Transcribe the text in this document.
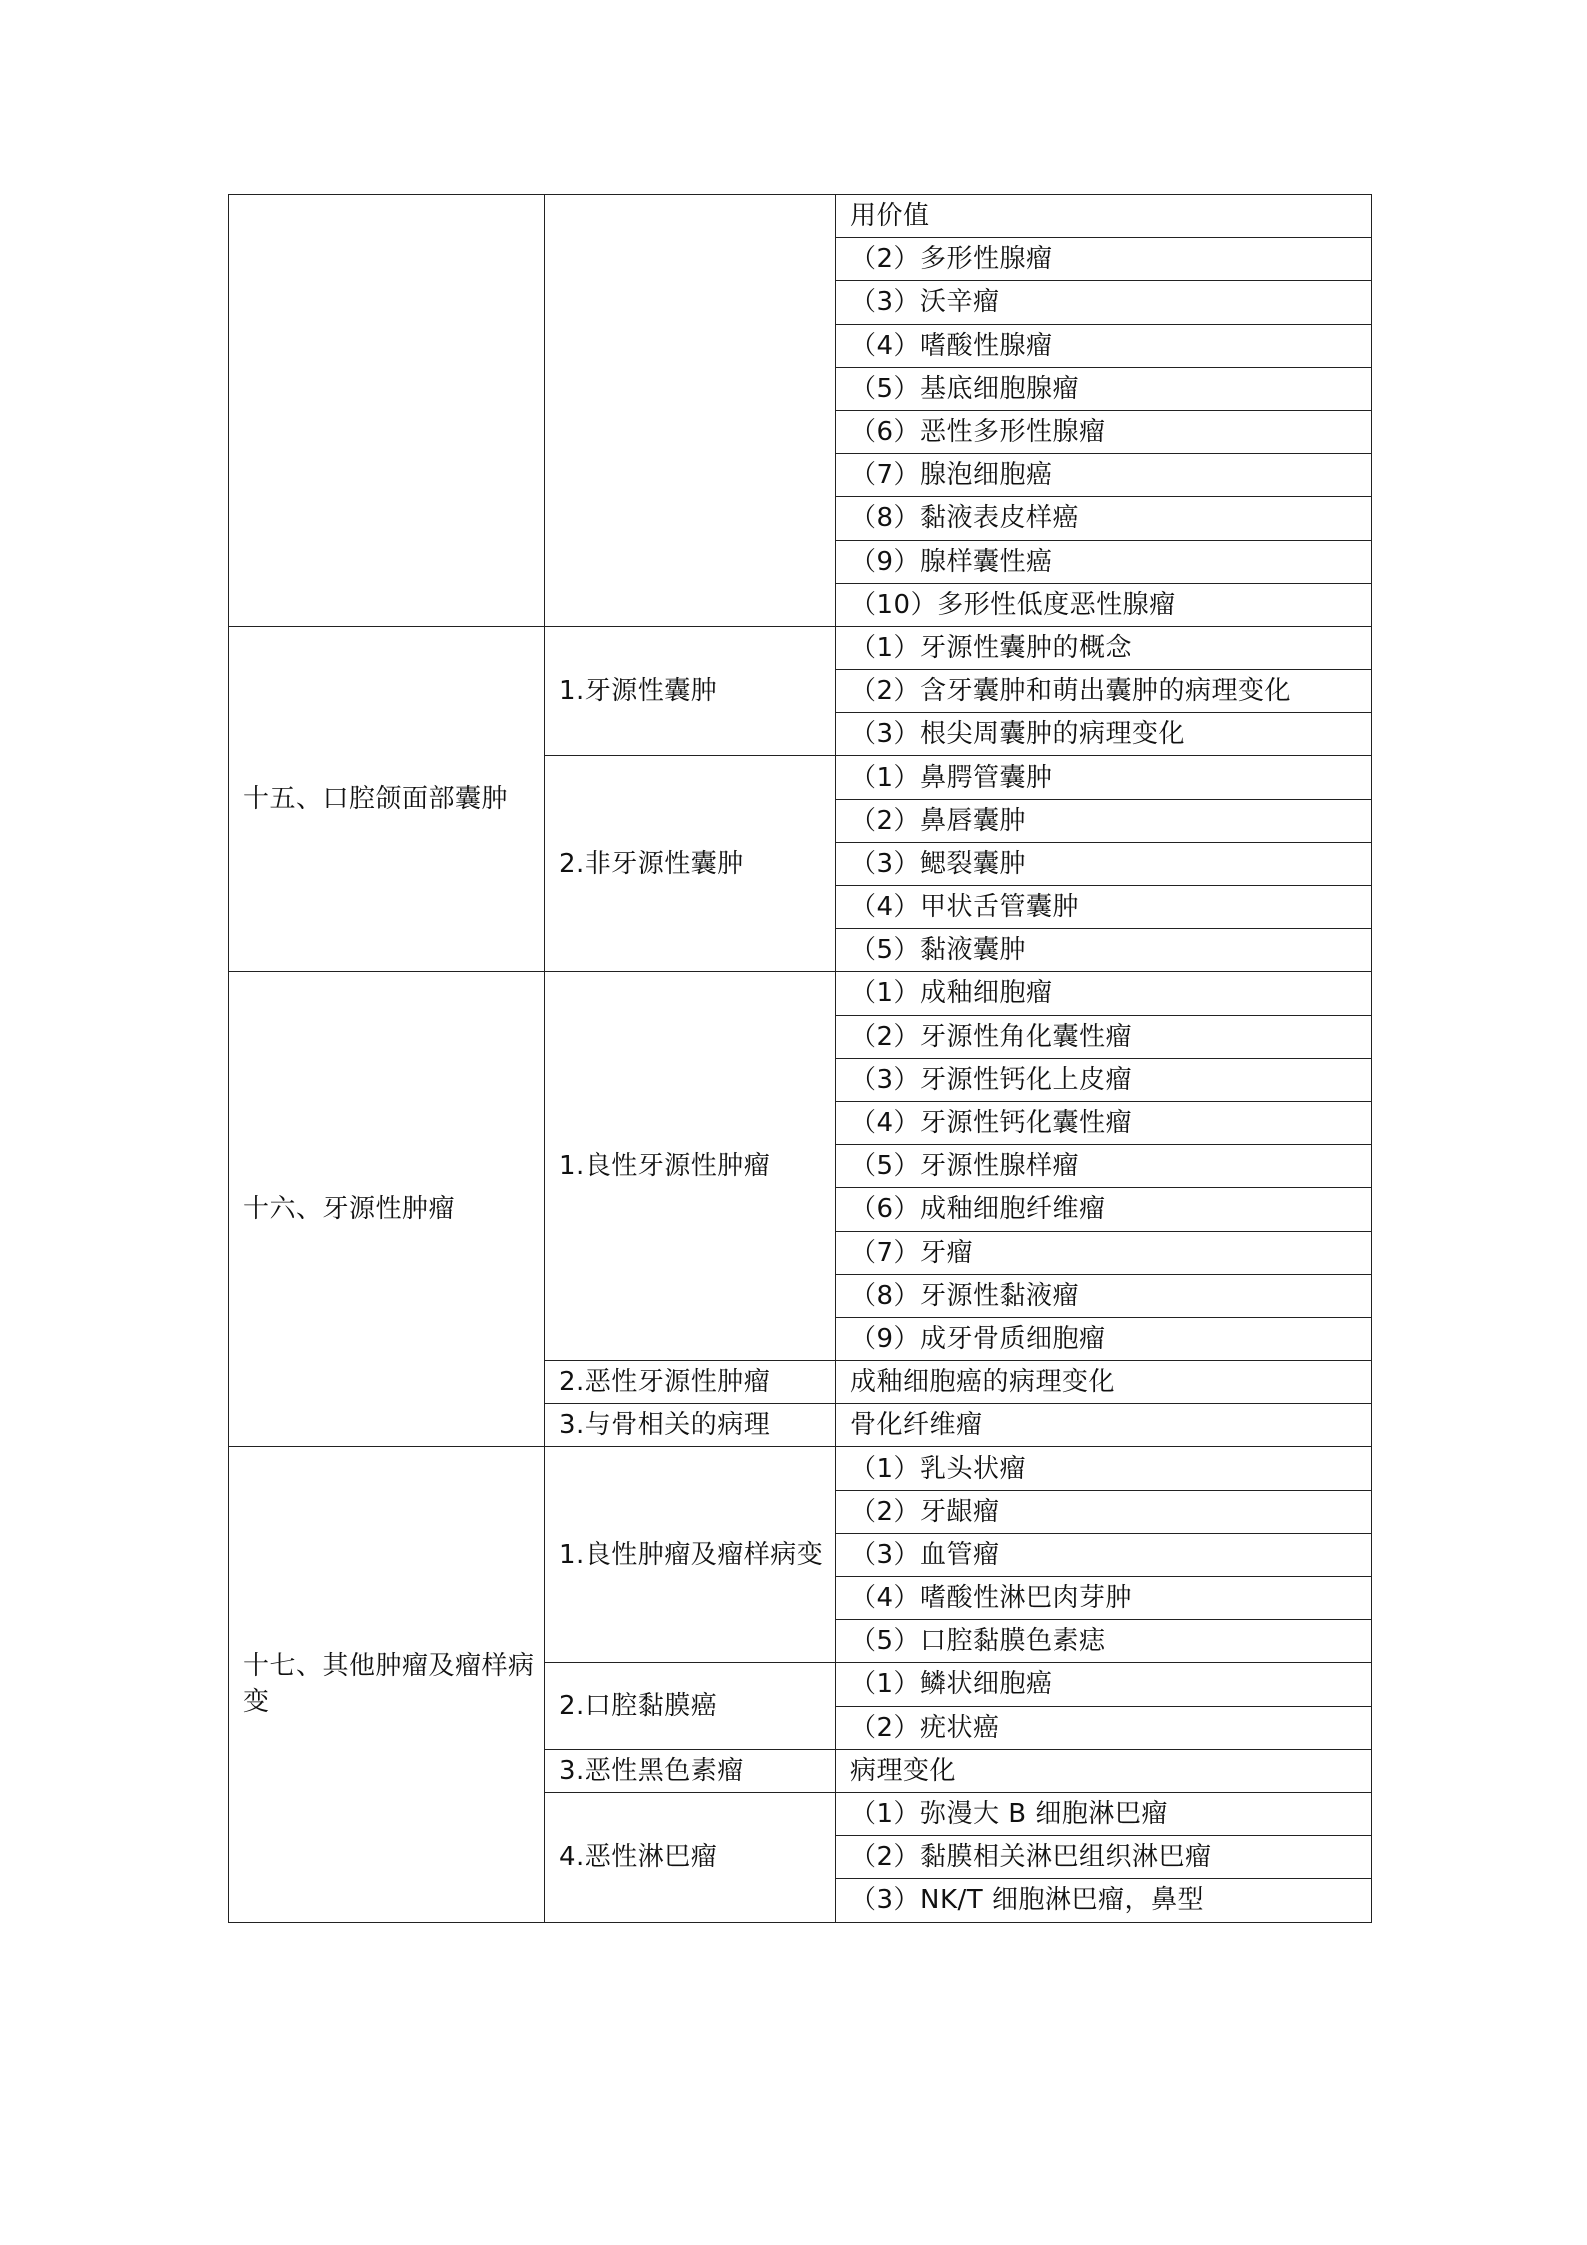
		用价值
		（2）多形性腺瘤
		（3）沃辛瘤
		（4）嗜酸性腺瘤
		（5）基底细胞腺瘤
		（6）恶性多形性腺瘤
		（7）腺泡细胞癌
		（8）黏液表皮样癌
		（9）腺样囊性癌
		（10）多形性低度恶性腺瘤
十五、口腔颌面部囊肿	1.牙源性囊肿	（1）牙源性囊肿的概念
		（2）含牙囊肿和萌出囊肿的病理变化
		（3）根尖周囊肿的病理变化
	2.非牙源性囊肿	（1）鼻腭管囊肿
		（2）鼻唇囊肿
		（3）鳃裂囊肿
		（4）甲状舌管囊肿
		（5）黏液囊肿
十六、牙源性肿瘤	1.良性牙源性肿瘤	（1）成釉细胞瘤
		（2）牙源性角化囊性瘤
		（3）牙源性钙化上皮瘤
		（4）牙源性钙化囊性瘤
		（5）牙源性腺样瘤
		（6）成釉细胞纤维瘤
		（7）牙瘤
		（8）牙源性黏液瘤
		（9）成牙骨质细胞瘤
	2.恶性牙源性肿瘤	成釉细胞癌的病理变化
	3.与骨相关的病理	骨化纤维瘤
十七、其他肿瘤及瘤样病变	1.良性肿瘤及瘤样病变	（1）乳头状瘤
		（2）牙龈瘤
		（3）血管瘤
		（4）嗜酸性淋巴肉芽肿
		（5）口腔黏膜色素痣
	2.口腔黏膜癌	（1）鳞状细胞癌
		（2）疣状癌
	3.恶性黑色素瘤	病理变化
	4.恶性淋巴瘤	（1）弥漫大 B 细胞淋巴瘤
		（2）黏膜相关淋巴组织淋巴瘤
		（3）NK/T 细胞淋巴瘤，鼻型
